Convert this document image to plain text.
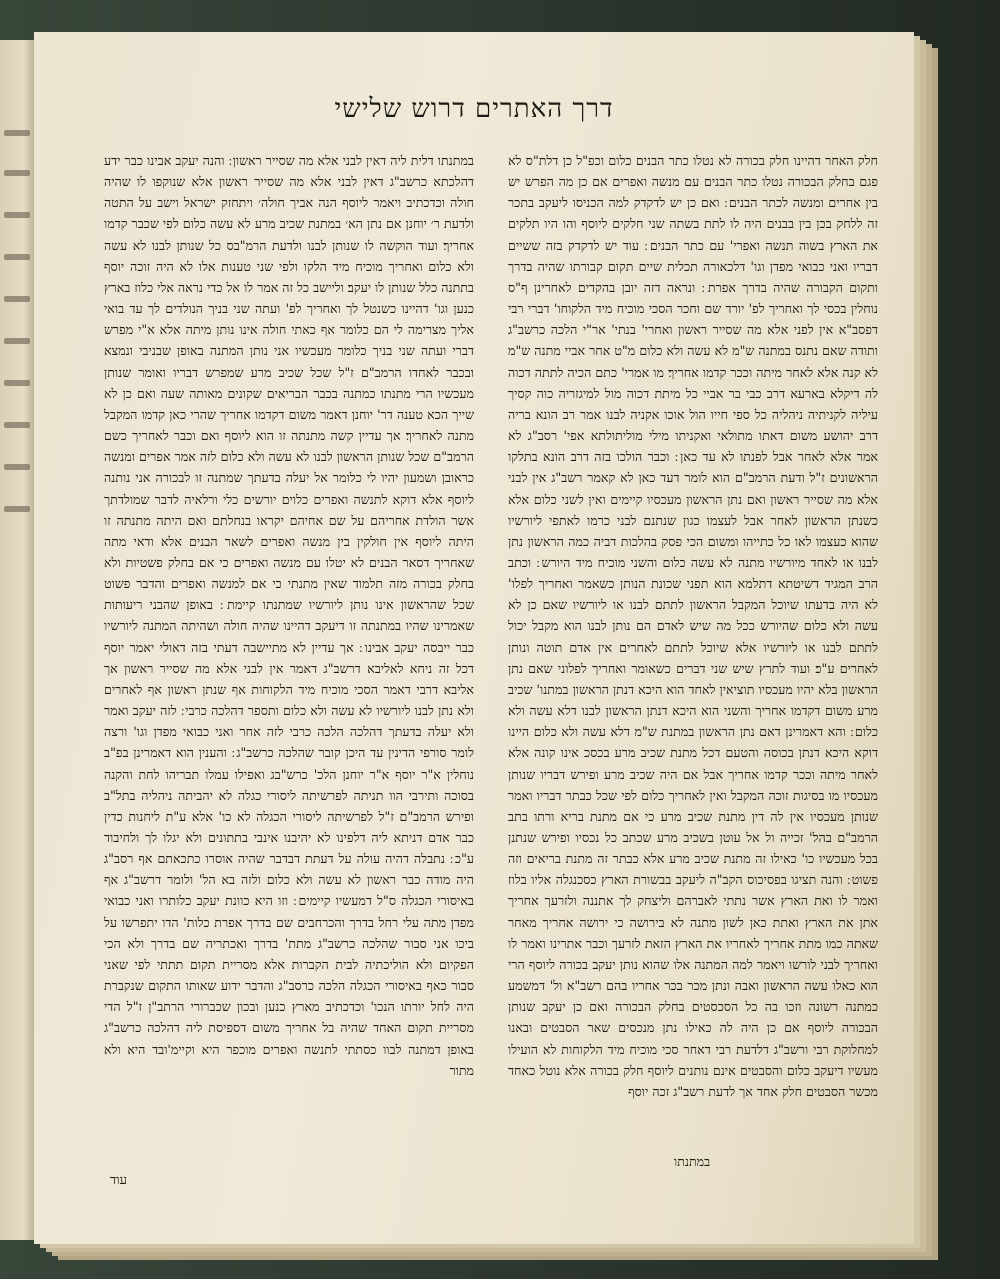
דרך האתרים דרוש שלישי

חלק האחר דהיינו חלק בכורה לא נטלו כתר הבנים כלום וכפ"ל כן דלת"ס לא פגם בחלק הבכורה נטלו כתר הבנים עם מנשה ואפרים אם כן מה הפרש יש בין אחרים ומנשה לכתר הבנים ׃ ואם כן יש לדקדק למה הכניסו ליעקב בתכר זה ללחק בכן בין בבנים היה לו לתת בשתה שני חלקים ליוסף והו היו תלקים את הארץ בשוה תנשה ואפרי' עם כתר הבנים ׃ עוד יש לדקדק בזה ששיים דבריו ואני כבואי מפדן וגו' דלכאורה תכלית שיים תקום קבורתו שהיה בדרך ותקום הקבורה שהיה בדרך אפרת ׃ ונראה דזה יובן בהקדים לאחרינן ף"ס נוחלין בכסי לך ואחריך לפ' יורד שם וחכר הסכי מוכיח מיד הלקוחו' דברי רבי דפסב"א אין לפני אלא מה שסייר ראשון ואחרי' בנתי' אר"י הלכה כרשב"ג ותודה שאם נתנס במתנה ש"מ לא עשה ולא כלום מ"ט אחר אביי מתנה ש"מ לא קנה אלא לאחר מיתה וככר קדמו אחריך׃ מו אמרי' כתם הכיה לתתה דכוה לה דיקלא בארעא דרב כבי בר אביי כל מיתת דכוה מול למיגזריה כוה קסיך עיליה לקניתיה ניהליה כל ספי חייו הול אוכו אקניה לבנו אמר רב הונא בריה דרב יהושע משום דאתו מתולאי ואקניתו מילי מוליתולתא אפי' רסב"ג לא אמר אלא לאחר אבל לפנתו לא עד כאן ׃ וכבר הולכו בזה דרב הונא בתלקו הראשונים ז"ל ודעת הרמב"ם הוא לומר דעד כאן לא קאמר רשב"ג אין לבני אלא מה שסייר ראשון ואם נתן הראשון מעכסיו קיימים ואין לשני כלום אלא כשנתן הראשון לאחר אבל לעצמו כגון שנתנם לבני כרמו לאתפי ליורשיו שהוא כעצמו לאו כל כתייהו ומשום הכי פסק בהלכות דביה כמה הראשון נתן לבנו או לאחד מיורשיו מתנה לא עשה כלום והשני מוכיח מיד היורש ׃ וכתב הרב המגיד דשיטתא דתלמא הוא תפני שכונת הנותן כשאמר ואחריך לפלו' לא היה בדעתו שיוכל המקבל הראשון לתתם לבנו או ליורשיו שאם כן לא עשה ולא כלום שהיורש ככל מה שיש לאדם הם נותן לבנו הוא מקבל יכול לתתם לבנו או ליורשיו אלא שיוכל לתתם לאחרים אין אדם תוטה ונותן לאחרים ע"כ׃ ועוד לתרץ שיש שני דברים כשאומר ואחריך לפלוני שאם נתן הראשון בלא יהיו מעכסיו תוציאין לאחד הוא היכא דנתן הראשון במתנו' שכיב מרע משום דקדמו אחריך והשני הוא היכא דנתן הראשון לבנו דלא עשה ולא כלום ׃ והא דאמרינן דאם נתן הראשון במתנת ש"מ דלא עשה ולא כלום היינו דוקא היכא דנתן בכוסה והטעם דכל מתנת שכיב מרע בכסכ אינו קונה אלא לאחר מיתה וככר קדמו אחריך אבל אם היה שכיב מרע ופירש דבריו שנותן מעכסיו מו בסיגות זוכה המקבל ואין לאחריך כלום לפי שכל כבתר דבריו ואמר שנותן מעכסיו אין לה דין מתנת שכיב מרע כי אם מתנת בריא ורתו בתב הרמב"ם בהל' זכייה ול אל עוטן בשכיב מרע שכתב כל נכסיו ופירש שנתנן בכל מעכשיו כו' כאילו זה מתנת שכיב מרע אלא כבתר זה מתנת בריאים וזה פשוט ׃ והנה תציגו בפסיכוס הקב"ה ליעקב בבשורת הארץ כסכנגלה אליו בלוז ואמר לו ואת הארץ אשר נתתי לאברהם וליצחק לך אתננה ולזרעך אחריך אתן את הארץ ואתת כאן לשון מתנה לא בירושה כי ירושה אחריך מאחר שאתה כמו מתת אחריך לאחריו את הארץ הזאת לזרעך וכבר אתרינו ואמר לו ואחריך לבני לורשו ויאמר למה המתנה אלו שהוא נותן יעקב בכורה ליוסף הרי הוא כאלו עשה הראשון ואבה ונתן מכר בכר אחריו בהם רשב"א ול' דמשמע כמתנה רשונה וזכו בה כל הסכסטים בחלק הבכורה ואם כן יעקב שנותן הבכורה ליוסף אם כן היה לה כאילו נתן מנכסים שאר הסבטים ובאנו למחלוקת רבי ורשב"ג דלדעת רבי דאחר סכי מוכיח מיד הלקוחות לא הועילו מעשיו דיעקב כלום והסבטים אינם נותנים ליוסף חלק בכורה אלא נוטל כאחד מכשר הסבטים חלק אחד אך לדעת רשב"ג זכה יוסף

במתנתו דלית ליה דאין לבני אלא מה שסייר ראשון ׃ והנה יעקב אבינו כבר ידע דהלכתא כרשב"ג דאין לבני אלא מה שסייר ראשון אלא שנוקפו לו שהיה חולה וכדכתיב ויאמר ליוסף הנה אביך חולה׳ ויתחזק ישראל וישב על התטה ולדעת ר׳ יוחנן אם נתן הא׳ במתנת שכיב מרע לא עשה כלום לפי שכבר קדמו אחריך׃ ועוד הוקשה לו שנותן לבנו ולדעת הרמ"בס כל שנותן לבנו לא עשה ולא כלום ואחריך מוכיח מיד הלקו ולפי שני טענות אלו לא היה זוכה יוסף בתתנה כלל שנותן לו יעקב׃ וליישב כל זה אמר לו אל כדי נראה אלי כלוז בארץ כנען וגו' דהיינו כשנטל לך ואחריך לפ' ועתה שני בניך הנולדים לך עד בואי אליך מצרימה לי הם כלומר אף כאתי חולה אינו נותן מיתה אלא א"י מפרש דברי ועתה שני בניך כלומר מעכשיו אני נותן המתנה באופן שבניבי ונמצא ובכבר לאחדו הרמב"ם ז"ל שכל שכיב מרע שמפרש דבריו ואומר שנותן מעכשיו הרי מתנתו כמתנה בכבר הבריאים שקונים מאותה שעה ואם כן לא שייך הכא טענה דר' יוחנן דאמר משום דקדמו אחריך שהרי כאן קדמו המקבל מתנה לאחריך׃ אך עדיין קשה מתנתה זו הוא ליוסף ואם וכבר לאחריך כשם הרמב"ם שכל שנותן הראשון לבנו לא עשה ולא כלום לזה אמר אפרים ומנשה כראובן ושמעון יהיו לי כלומר אל יעלה בדעתך שמתנה זו לבכורה אני נותנה ליוסף אלא דוקא לתנשה ואפרים כלוים יורשים כלי ורלאיה לדבר שמולדתך אשר הולדת אחריהם על שם אחיהם יקראו בנחלתם ואם היתה מתנתה זו היתה ליוסף אין חולקין בין מנשה ואפרים לשאר הבנים אלא ודאי מתה שאחריך דסאר הבנים לא יטלו עם מנשה ואפרים כי אם בחלק פשטיות ולא בחלק בכורה מזה תלמוד שאין מתנתי כי אם למנשה ואפרים והדבר פשוט שכל שהראשון אינו נותן ליורשיו שמתנתו קיימת ׃ באופן שהבני ריעותות שאמרינו שהיו במתנתה זו דיעקב דהיינו שהיה חולה ושהיתה המתנה ליורשיו כבר ייבסה יעקב אבינו ׃ אך עדיין לא מתיישבה דעתי בזה דאולי יאמר יוסף דכל זה ניחא לאליבא דרשב"ג דאמר אין לבני אלא מה שסייר ראשון אך אליבא דרבי דאמר הסכי מוכיח מיד הלקוחות אף שנתן ראשון אף לאחרים ולא נתן לבנו ליורשיו לא עשה ולא כלום ותספר דהלכה כרבי ׃ לזה יעקב ואמר ולא יעלה בדעתך דהלכה הלכה כרבי לזה אחר ואני כבואי מפדן וגו' ורצה לומר סורפי הדינין עד היכן קובר שהלכה כרשב"ג ׃ והענין הוא דאמרינן בפ"ב נוחלין א"ר יוסף א"ר יוחנן הלכ' כרש"בג ואפילו עמלו תבריהו לחת והקנה בסוכה ותירבי הוו תניתה לפרשיתה ליסורי כגלה לא יהביתה ניהליה בתל"ב ופירש הרמב"ם ז"ל לפרשיתה ליסורי הכגלה לא כו' אלא ע"ת ליחנות כדין כבר אדם דניתא ליה דלפינו לא יהיבנו אינבי בתתונים ולא יגלו לך ולחיבוד ע"כ ׃ נתבלה דהיה עולה על דעתת דבדבר שהיה אוסרו כתכאתם אף רסב"ג היה מודה כבר ראשון לא עשה ולא כלום ולזה בא הל' ולומר דרשב"ג אף באיסורי הכגלה ס"ל דמעשיו קיימים ׃ וזו היא כוונת יעקב כלותרו ואני כבואי מפדן מתה עלי רחל בדרך והכרחבים שם בדרך אפרת כלות' הדו יתפרשו על ביכו אני סבור שהלכה כרשב"ג מתת' בדרך ואכתריה שם בדרך ולא הכי הפקיום ולא הוליכתיה לבית הקברות אלא מסריית תקום תתתי לפי שאני סבור כאף באיסורי הכגלה הלכה כרסב"ג והדבר ידוע שאותו התקום שנקברת היה לחל יורתו הנכו' וכדכתיב מארץ כנען ובכון שכברורי הרתב"ן ז"ל הדי מסריית תקום האחד שהיה בל אחריך משום דספיסת ליה דהלכה כרשב"ג באופן דמתנה לבוו כסתתי לתנשה ואפרים מוכפר היא וקיימ'ובד היא ולא מתור

במתנתו
עוד
